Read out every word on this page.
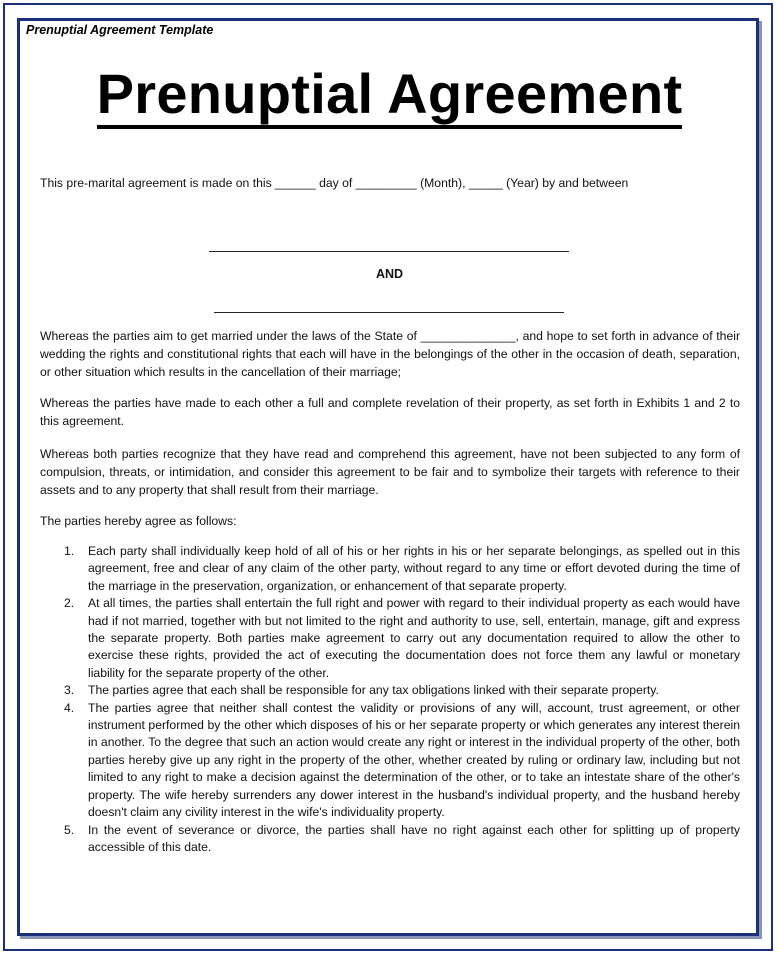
Prenuptial Agreement Template
Prenuptial Agreement
This pre-marital agreement is made on this ______ day of _________ (Month), _____ (Year) by and between
AND
Whereas the parties aim to get married under the laws of the State of ______________, and hope to set forth in advance of their wedding the rights and constitutional rights that each will have in the belongings of the other in the occasion of death, separation, or other situation which results in the cancellation of their marriage;
Whereas the parties have made to each other a full and complete revelation of their property, as set forth in Exhibits 1 and 2 to this agreement.
Whereas both parties recognize that they have read and comprehend this agreement, have not been subjected to any form of compulsion, threats, or intimidation, and consider this agreement to be fair and to symbolize their targets with reference to their assets and to any property that shall result from their marriage.
The parties hereby agree as follows:
1. Each party shall individually keep hold of all of his or her rights in his or her separate belongings, as spelled out in this agreement, free and clear of any claim of the other party, without regard to any time or effort devoted during the time of the marriage in the preservation, organization, or enhancement of that separate property.
2. At all times, the parties shall entertain the full right and power with regard to their individual property as each would have had if not married, together with but not limited to the right and authority to use, sell, entertain, manage, gift and express the separate property. Both parties make agreement to carry out any documentation required to allow the other to exercise these rights, provided the act of executing the documentation does not force them any lawful or monetary liability for the separate property of the other.
3. The parties agree that each shall be responsible for any tax obligations linked with their separate property.
4. The parties agree that neither shall contest the validity or provisions of any will, account, trust agreement, or other instrument performed by the other which disposes of his or her separate property or which generates any interest therein in another. To the degree that such an action would create any right or interest in the individual property of the other, both parties hereby give up any right in the property of the other, whether created by ruling or ordinary law, including but not limited to any right to make a decision against the determination of the other, or to take an intestate share of the other's property. The wife hereby surrenders any dower interest in the husband's individual property, and the husband hereby doesn't claim any civility interest in the wife's individuality property.
5. In the event of severance or divorce, the parties shall have no right against each other for splitting up of property accessible of this date.
